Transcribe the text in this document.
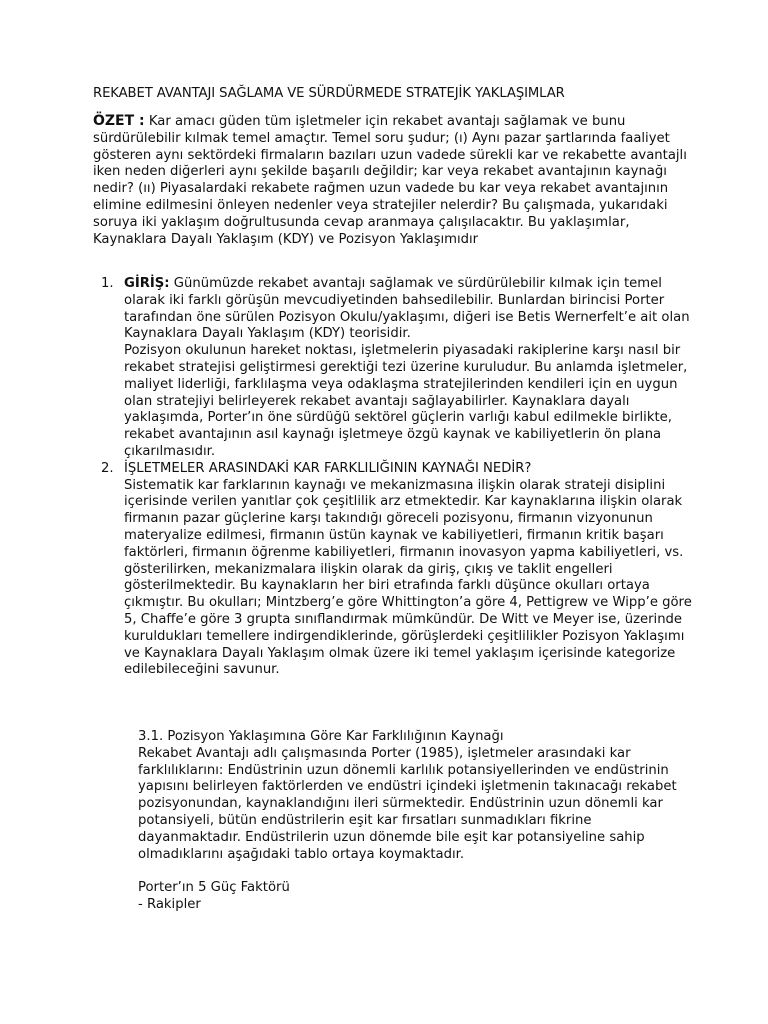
REKABET AVANTAJI SAĞLAMA VE SÜRDÜRMEDE STRATEJİK YAKLAŞIMLAR
ÖZET : Kar amacı güden tüm işletmeler için rekabet avantajı sağlamak ve bunu sürdürülebilir kılmak temel amaçtır. Temel soru şudur; (ı) Aynı pazar şartlarında faaliyet gösteren aynı sektördeki firmaların bazıları uzun vadede sürekli kar ve rekabette avantajlı iken neden diğerleri aynı şekilde başarılı değildir; kar veya rekabet avantajının kaynağı nedir? (ıı) Piyasalardaki rekabete rağmen uzun vadede bu kar veya rekabet avantajının elimine edilmesini önleyen nedenler veya stratejiler nelerdir? Bu çalışmada, yukarıdaki soruya iki yaklaşım doğrultusunda cevap aranmaya çalışılacaktır. Bu yaklaşımlar, Kaynaklara Dayalı Yaklaşım (KDY) ve Pozisyon Yaklaşımıdır
1. GİRİŞ: Günümüzde rekabet avantajı sağlamak ve sürdürülebilir kılmak için temel olarak iki farklı görüşün mevcudiyetinden bahsedilebilir. Bunlardan birincisi Porter tarafından öne sürülen Pozisyon Okulu/yaklaşımı, diğeri ise Betis Wernerfelt’e ait olan Kaynaklara Dayalı Yaklaşım (KDY) teorisidir.
Pozisyon okulunun hareket noktası, işletmelerin piyasadaki rakiplerine karşı nasıl bir rekabet stratejisi geliştirmesi gerektiği tezi üzerine kuruludur. Bu anlamda işletmeler, maliyet liderliği, farklılaşma veya odaklaşma stratejilerinden kendileri için en uygun olan stratejiyi belirleyerek rekabet avantajı sağlayabilirler. Kaynaklara dayalı yaklaşımda, Porter’ın öne sürdüğü sektörel güçlerin varlığı kabul edilmekle birlikte, rekabet avantajının asıl kaynağı işletmeye özgü kaynak ve kabiliyetlerin ön plana çıkarılmasıdır.
2. İŞLETMELER ARASINDAKİ KAR FARKLILIĞININ KAYNAĞI NEDİR?
Sistematik kar farklarının kaynağı ve mekanizmasına ilişkin olarak strateji disiplini içerisinde verilen yanıtlar çok çeşitlilik arz etmektedir. Kar kaynaklarına ilişkin olarak firmanın pazar güçlerine karşı takındığı göreceli pozisyonu, firmanın vizyonunun materyalize edilmesi, firmanın üstün kaynak ve kabiliyetleri, firmanın kritik başarı faktörleri, firmanın öğrenme kabiliyetleri, firmanın inovasyon yapma kabiliyetleri, vs. gösterilirken, mekanizmalara ilişkin olarak da giriş, çıkış ve taklit engelleri gösterilmektedir. Bu kaynakların her biri etrafında farklı düşünce okulları ortaya çıkmıştır. Bu okulları; Mintzberg’e göre Whittington’a göre 4, Pettigrew ve Wipp’e göre 5, Chaffe’e göre 3 grupta sınıflandırmak mümkündür. De Witt ve Meyer ise, üzerinde kuruldukları temellere indirgendiklerinde, görüşlerdeki çeşitlilikler Pozisyon Yaklaşımı ve Kaynaklara Dayalı Yaklaşım olmak üzere iki temel yaklaşım içerisinde kategorize edilebileceğini savunur.
3.1. Pozisyon Yaklaşımına Göre Kar Farklılığının Kaynağı
Rekabet Avantajı adlı çalışmasında Porter (1985), işletmeler arasındaki kar farklılıklarını: Endüstrinin uzun dönemli karlılık potansiyellerinden ve endüstrinin yapısını belirleyen faktörlerden ve endüstri içindeki işletmenin takınacağı rekabet pozisyonundan, kaynaklandığını ileri sürmektedir. Endüstrinin uzun dönemli kar potansiyeli, bütün endüstrilerin eşit kar fırsatları sunmadıkları fikrine dayanmaktadır. Endüstrilerin uzun dönemde bile eşit kar potansiyeline sahip olmadıklarını aşağıdaki tablo ortaya koymaktadır.
Porter’ın 5 Güç Faktörü
- Rakipler
